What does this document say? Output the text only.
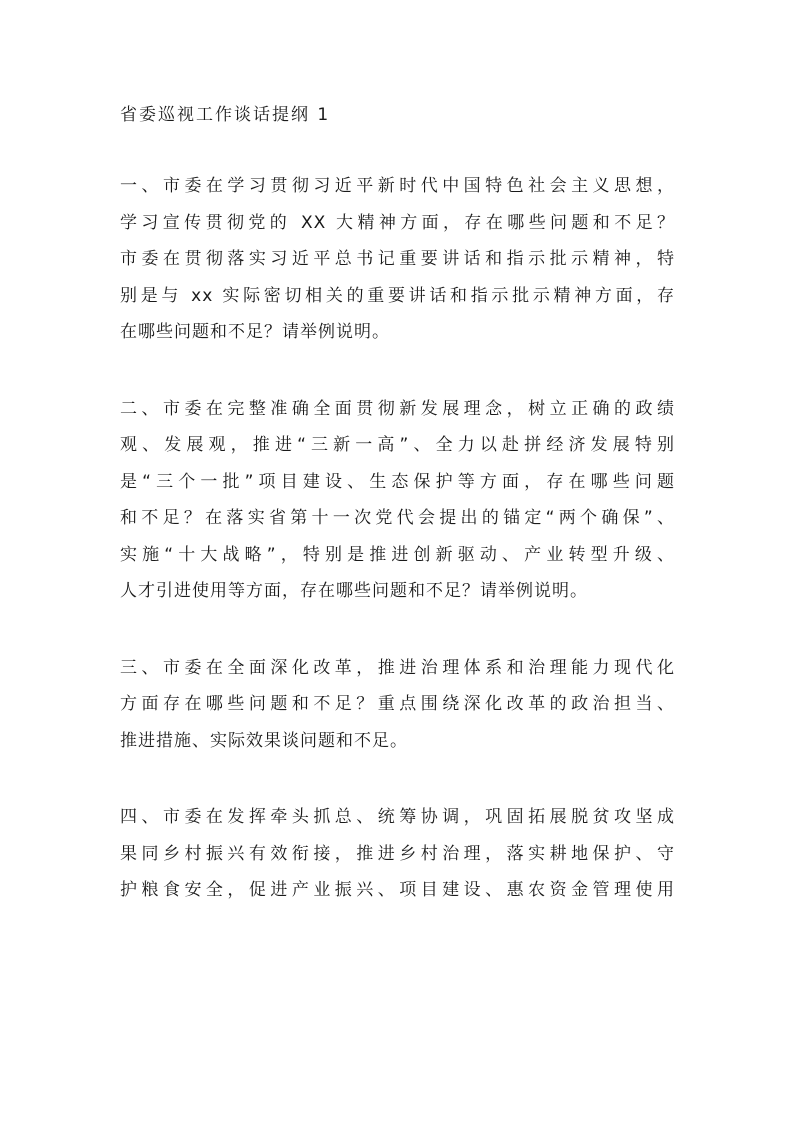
省委巡视工作谈话提纲 1
一、市委在学习贯彻习近平新时代中国特色社会主义思想，
学习宣传贯彻党的 XX 大精神方面，存在哪些问题和不足？
市委在贯彻落实习近平总书记重要讲话和指示批示精神，特
别是与 xx 实际密切相关的重要讲话和指示批示精神方面，存
在哪些问题和不足？请举例说明。
二、市委在完整准确全面贯彻新发展理念，树立正确的政绩
观、发展观，推进“三新一高”、全力以赴拼经济发展特别
是“三个一批”项目建设、生态保护等方面，存在哪些问题
和不足？在落实省第十一次党代会提出的锚定“两个确保”、
实施“十大战略”，特别是推进创新驱动、产业转型升级、
人才引进使用等方面，存在哪些问题和不足？请举例说明。
三、市委在全面深化改革，推进治理体系和治理能力现代化
方面存在哪些问题和不足？重点围绕深化改革的政治担当、
推进措施、实际效果谈问题和不足。
四、市委在发挥牵头抓总、统筹协调，巩固拓展脱贫攻坚成
果同乡村振兴有效衔接，推进乡村治理，落实耕地保护、守
护粮食安全，促进产业振兴、项目建设、惠农资金管理使用
